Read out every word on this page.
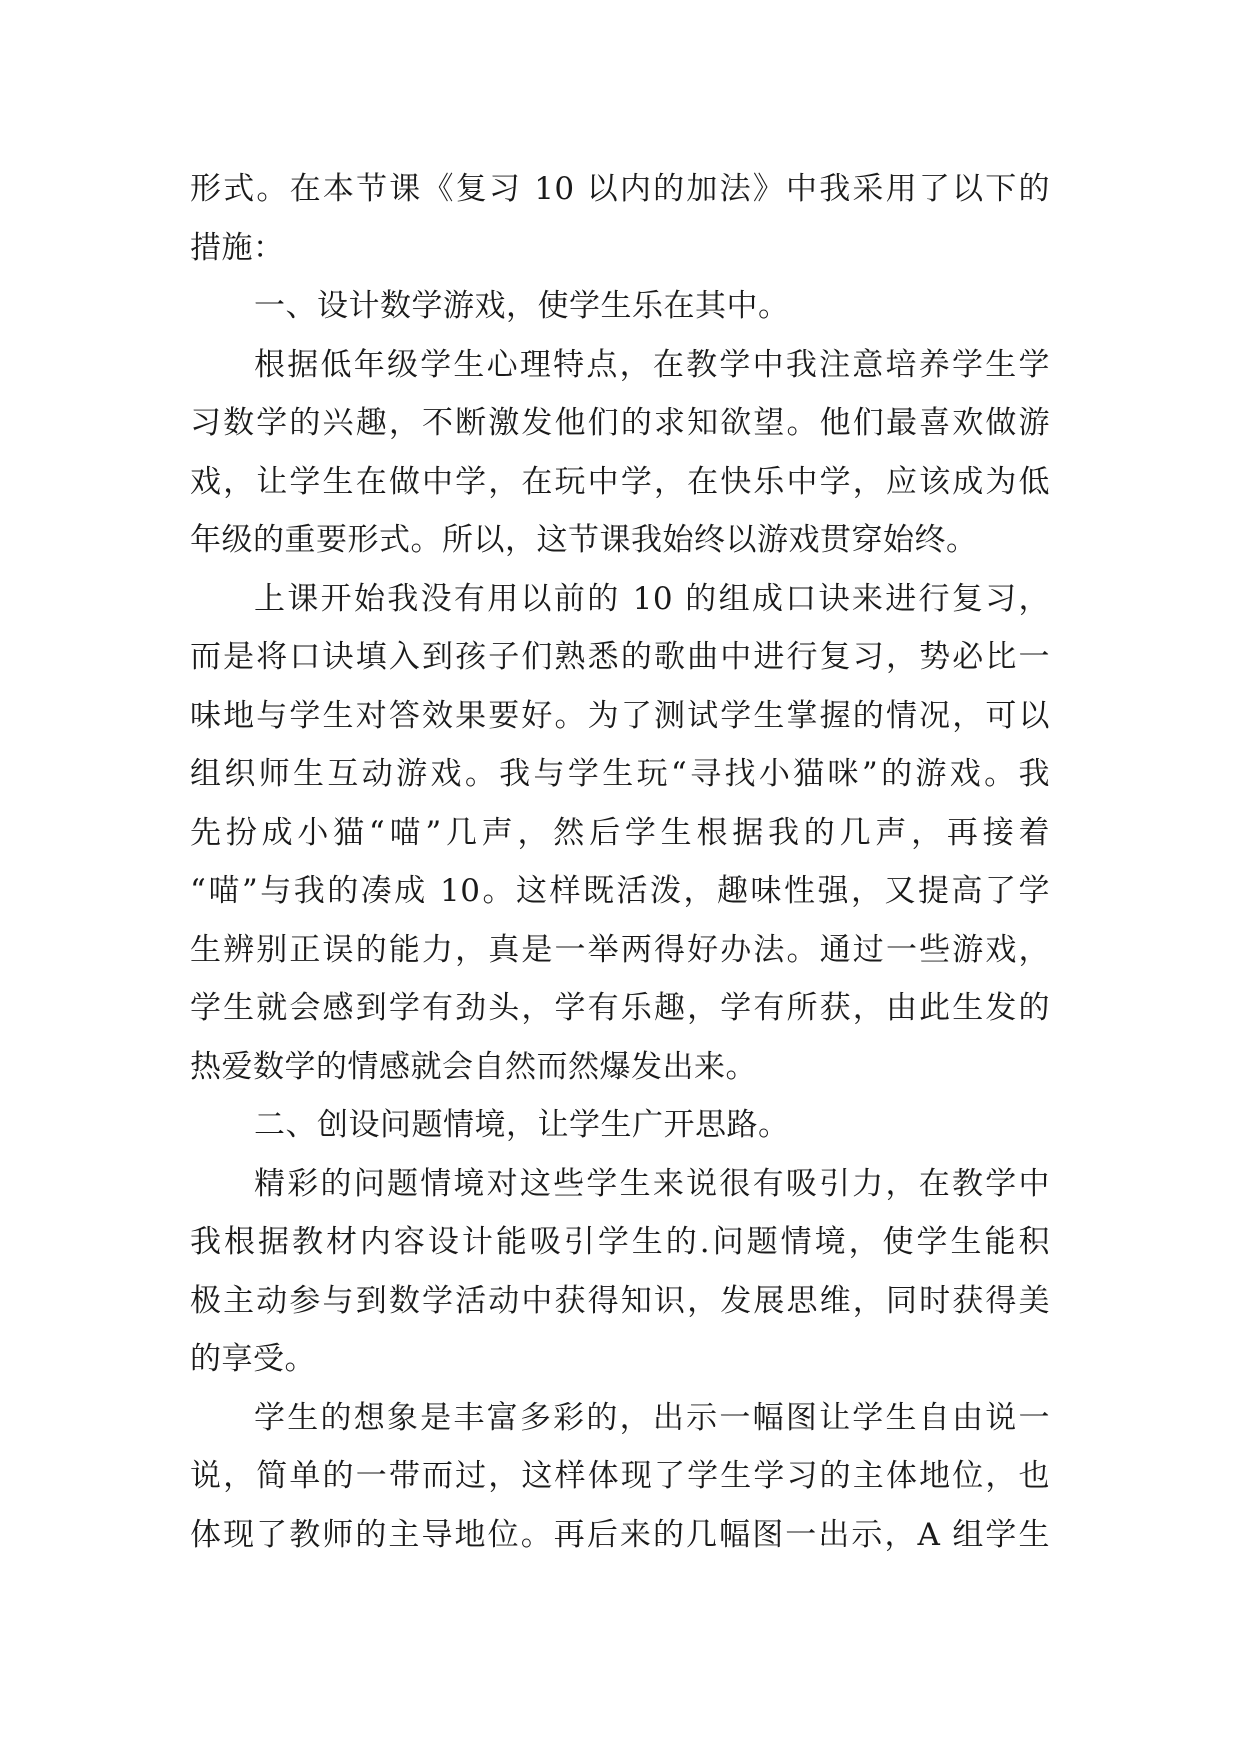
形式。在本节课《复习 10 以内的加法》中我采用了以下的
措施：
一、设计数学游戏，使学生乐在其中。
根据低年级学生心理特点，在教学中我注意培养学生学
习数学的兴趣，不断激发他们的求知欲望。他们最喜欢做游
戏，让学生在做中学，在玩中学，在快乐中学，应该成为低
年级的重要形式。所以，这节课我始终以游戏贯穿始终。
上课开始我没有用以前的 10 的组成口诀来进行复习，
而是将口诀填入到孩子们熟悉的歌曲中进行复习，势必比一
味地与学生对答效果要好。为了测试学生掌握的情况，可以
组织师生互动游戏。我与学生玩“寻找小猫咪”的游戏。我
先扮成小猫“喵”几声，然后学生根据我的几声，再接着
“喵”与我的凑成 10。这样既活泼，趣味性强，又提高了学
生辨别正误的能力，真是一举两得好办法。通过一些游戏，
学生就会感到学有劲头，学有乐趣，学有所获，由此生发的
热爱数学的情感就会自然而然爆发出来。
二、创设问题情境，让学生广开思路。
精彩的问题情境对这些学生来说很有吸引力，在教学中
我根据教材内容设计能吸引学生的.问题情境，使学生能积
极主动参与到数学活动中获得知识，发展思维，同时获得美
的享受。
学生的想象是丰富多彩的，出示一幅图让学生自由说一
说，简单的一带而过，这样体现了学生学习的主体地位，也
体现了教师的主导地位。再后来的几幅图一出示，A 组学生
